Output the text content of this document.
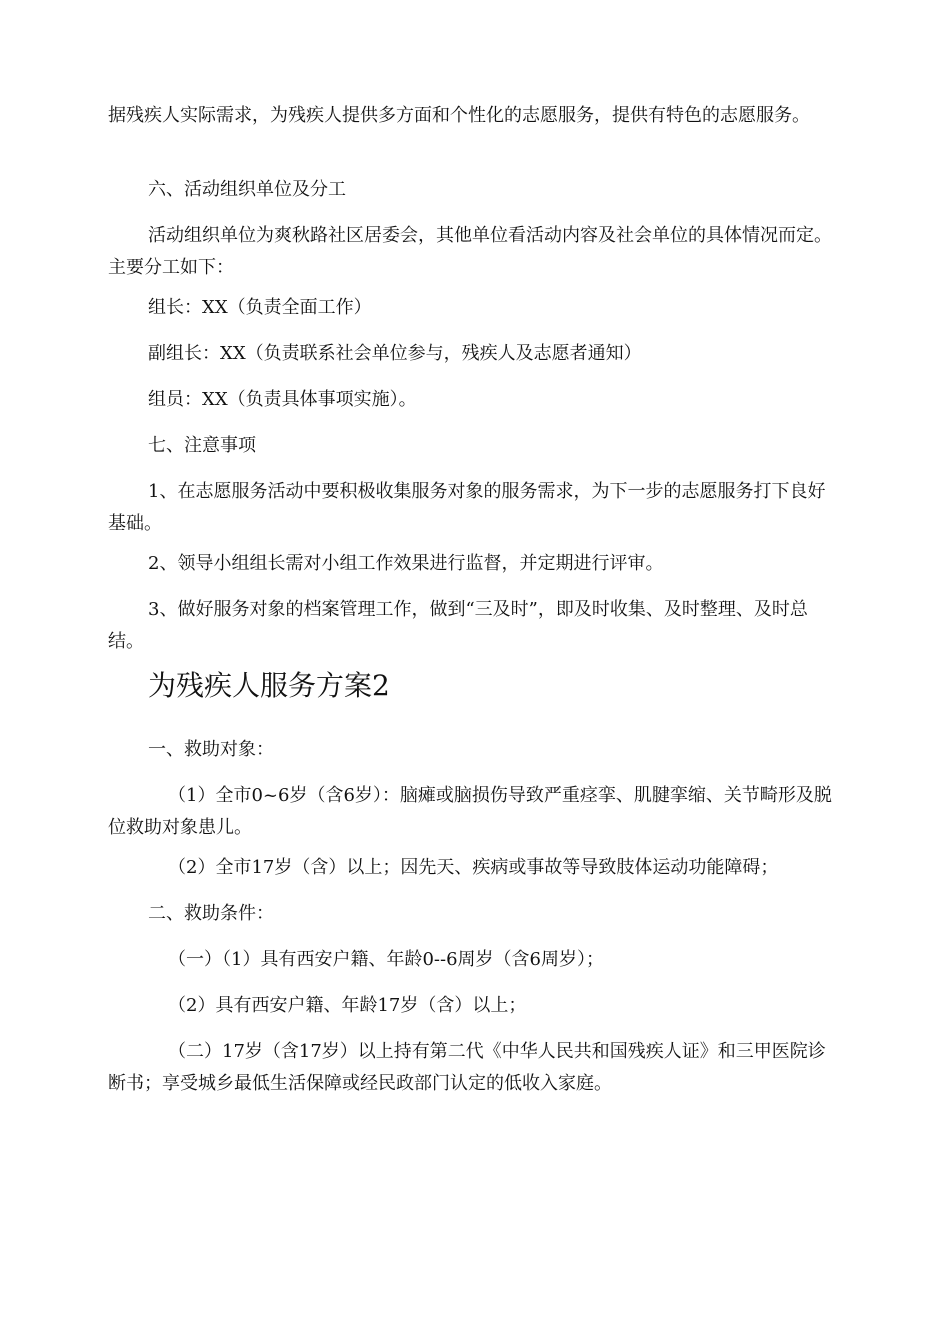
据残疾人实际需求，为残疾人提供多方面和个性化的志愿服务，提供有特色的志愿服务。

六、活动组织单位及分工

活动组织单位为爽秋路社区居委会，其他单位看活动内容及社会单位的具体情况而定。主要分工如下：

组长：XX（负责全面工作）

副组长：XX（负责联系社会单位参与，残疾人及志愿者通知）

组员：XX（负责具体事项实施）。

七、注意事项

1、在志愿服务活动中要积极收集服务对象的服务需求，为下一步的志愿服务打下良好基础。

2、领导小组组长需对小组工作效果进行监督，并定期进行评审。

3、做好服务对象的档案管理工作，做到“三及时”，即及时收集、及时整理、及时总结。

为残疾人服务方案2

一、救助对象：

（1）全市0~6岁（含6岁）：脑瘫或脑损伤导致严重痉挛、肌腱挛缩、关节畸形及脱位救助对象患儿。

（2）全市17岁（含）以上；因先天、疾病或事故等导致肢体运动功能障碍；

二、救助条件：

（一）（1）具有西安户籍、年龄0--6周岁（含6周岁）；

（2）具有西安户籍、年龄17岁（含）以上；

（二）17岁（含17岁）以上持有第二代《中华人民共和国残疾人证》和三甲医院诊断书；享受城乡最低生活保障或经民政部门认定的低收入家庭。
